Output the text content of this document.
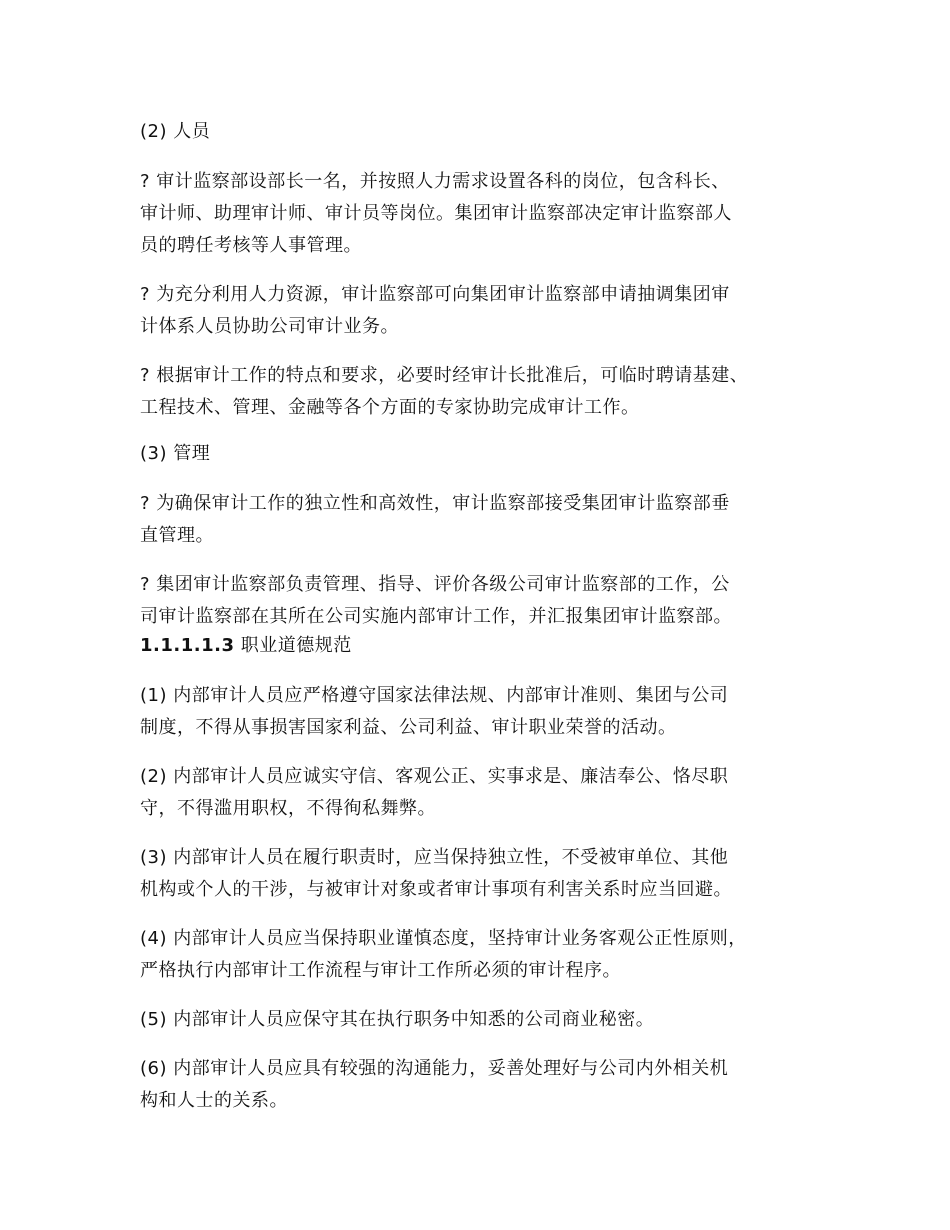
(2) 人员
? 审计监察部设部长一名，并按照人力需求设置各科的岗位，包含科长、
审计师、助理审计师、审计员等岗位。集团审计监察部决定审计监察部人
员的聘任考核等人事管理。
? 为充分利用人力资源，审计监察部可向集团审计监察部申请抽调集团审
计体系人员协助公司审计业务。
? 根据审计工作的特点和要求，必要时经审计长批准后，可临时聘请基建、
工程技术、管理、金融等各个方面的专家协助完成审计工作。
(3) 管理
? 为确保审计工作的独立性和高效性，审计监察部接受集团审计监察部垂
直管理。
? 集团审计监察部负责管理、指导、评价各级公司审计监察部的工作，公
司审计监察部在其所在公司实施内部审计工作，并汇报集团审计监察部。
1.1.1.1.3 职业道德规范
(1) 内部审计人员应严格遵守国家法律法规、内部审计准则、集团与公司
制度，不得从事损害国家利益、公司利益、审计职业荣誉的活动。
(2) 内部审计人员应诚实守信、客观公正、实事求是、廉洁奉公、恪尽职
守，不得滥用职权，不得徇私舞弊。
(3) 内部审计人员在履行职责时，应当保持独立性，不受被审单位、其他
机构或个人的干涉，与被审计对象或者审计事项有利害关系时应当回避。
(4) 内部审计人员应当保持职业谨慎态度，坚持审计业务客观公正性原则，
严格执行内部审计工作流程与审计工作所必须的审计程序。
(5) 内部审计人员应保守其在执行职务中知悉的公司商业秘密。
(6) 内部审计人员应具有较强的沟通能力，妥善处理好与公司内外相关机
构和人士的关系。
